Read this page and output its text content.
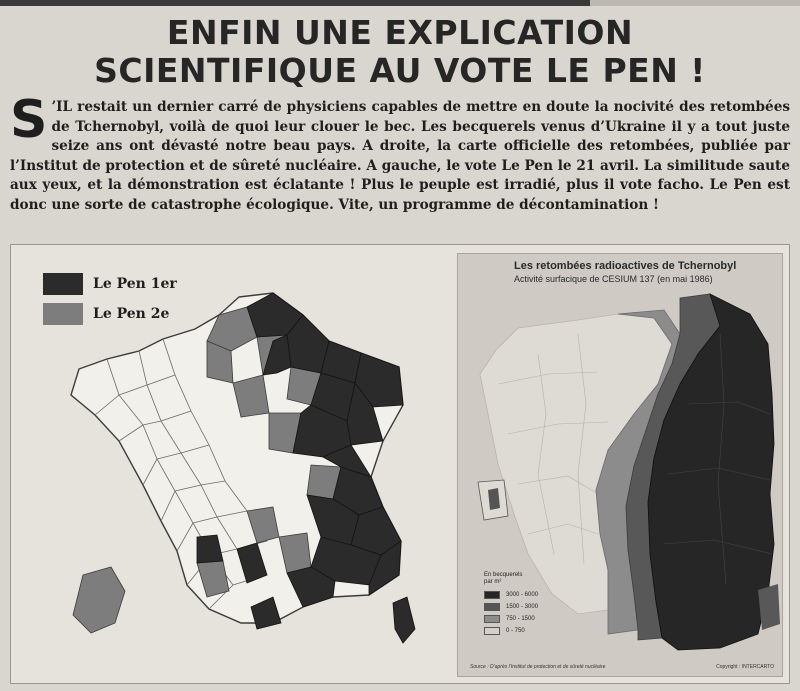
ENFIN UNE EXPLICATION
SCIENTIFIQUE AU VOTE LE PEN !

S ’IL restait un dernier carré de physiciens capables de mettre en doute la nocivité des retombées de Tchernobyl, voilà de quoi leur clouer le bec. Les becquerels venus d’Ukraine il y a tout juste seize ans ont dévasté notre beau pays. A droite, la carte officielle des retombées, publiée par l’Institut de protection et de sûreté nucléaire. A gauche, le vote Le Pen le 21 avril. La similitude saute aux yeux, et la démonstration est éclatante ! Plus le peuple est irradié, plus il vote facho. Le Pen est donc une sorte de catastrophe écologique. Vite, un programme de décontamination !

Le Pen 1er
Le Pen 2e
Les retombées radioactives de Tchernobyl
Activité surfacique de CESIUM 137 (en mai 1986)
En becquerels
par m²
3000 - 6000
1500 - 3000
750 - 1500
0 - 750
Source : D’après l’Institut de protection et de sûreté nucléaire	Copyright : INTERCARTO
